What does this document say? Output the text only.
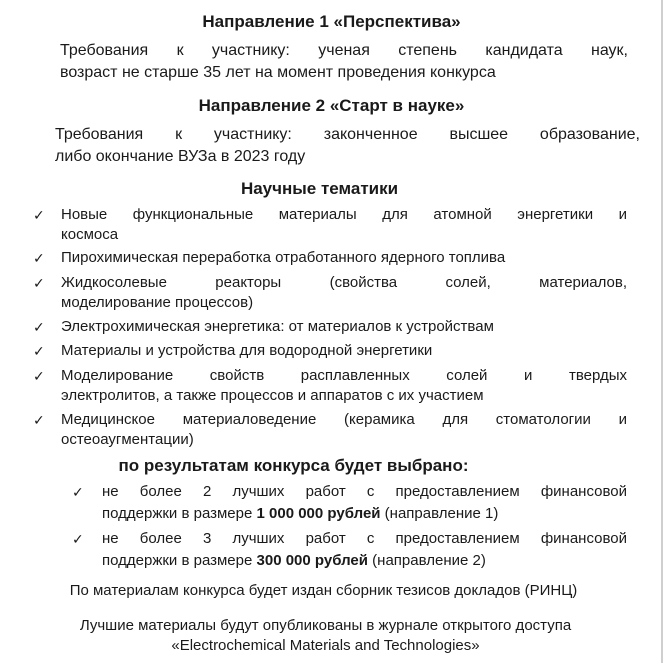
Направление 1 «Перспектива»
Требования к участнику: ученая степень кандидата наук,
возраст не старше 35 лет на момент проведения конкурса
Направление 2 «Старт в науке»
Требования к участнику: законченное высшее образование,
либо окончание ВУЗа в 2023 году
Научные тематики
✓	Новые функциональные материалы для атомной энергетики и
космоса
✓	Пирохимическая переработка отработанного ядерного топлива
✓	Жидкосолевые реакторы (свойства солей, материалов,
моделирование процессов)
✓	Электрохимическая энергетика: от материалов к устройствам
✓	Материалы и устройства для водородной энергетики
✓	Моделирование свойств расплавленных солей и твердых
электролитов, а также процессов и аппаратов с их участием
✓	Медицинское материаловедение (керамика для стоматологии и
остеоаугментации)
по результатам конкурса будет выбрано:
✓ не более 2 лучших работ с предоставлением финансовой
поддержки в размере 1 000 000 рублей (направление 1)
✓ не более 3 лучших работ с предоставлением финансовой
поддержки в размере 300 000 рублей (направление 2)
По материалам конкурса будет издан сборник тезисов докладов (РИНЦ)
Лучшие материалы будут опубликованы в журнале открытого доступа
«Electrochemical Materials and Technologies»
